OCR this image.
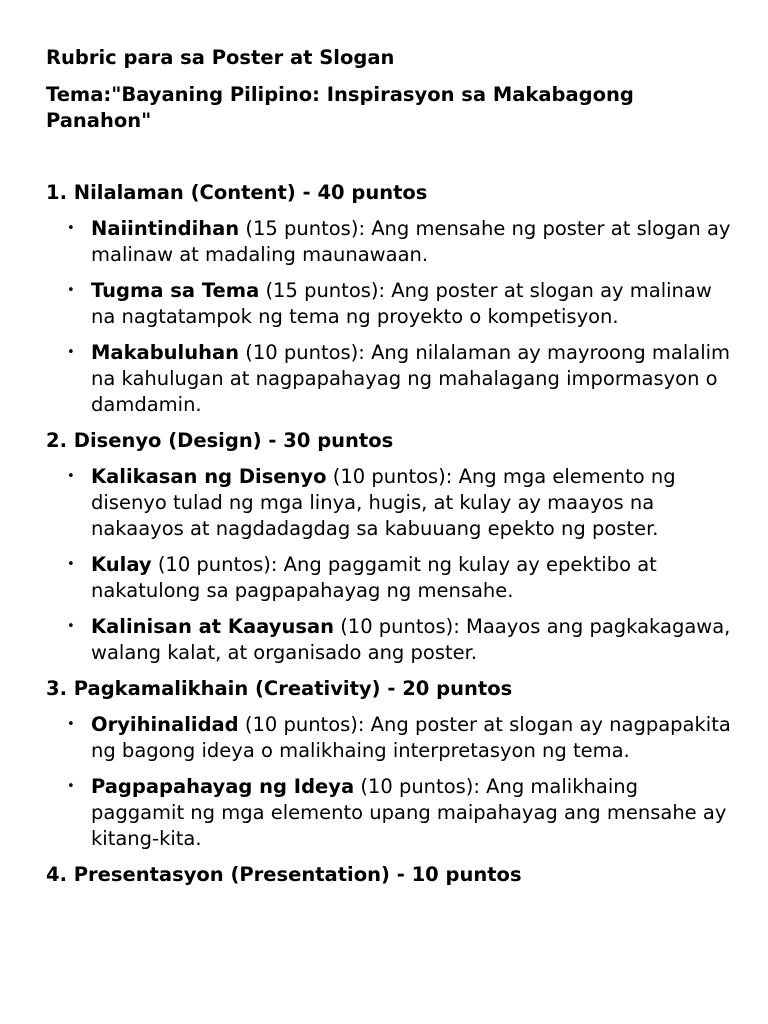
Rubric para sa Poster at Slogan
Tema:"Bayaning Pilipino: Inspirasyon sa Makabagong Panahon"
1. Nilalaman (Content) - 40 puntos
• Naiintindihan (15 puntos): Ang mensahe ng poster at slogan ay malinaw at madaling maunawaan.
• Tugma sa Tema (15 puntos): Ang poster at slogan ay malinaw na nagtatampok ng tema ng proyekto o kompetisyon.
• Makabuluhan (10 puntos): Ang nilalaman ay mayroong malalim na kahulugan at nagpapahayag ng mahalagang impormasyon o damdamin.
2. Disenyo (Design) - 30 puntos
• Kalikasan ng Disenyo (10 puntos): Ang mga elemento ng disenyo tulad ng mga linya, hugis, at kulay ay maayos na nakaayos at nagdadagdag sa kabuuang epekto ng poster.
• Kulay (10 puntos): Ang paggamit ng kulay ay epektibo at nakatulong sa pagpapahayag ng mensahe.
• Kalinisan at Kaayusan (10 puntos): Maayos ang pagkakagawa, walang kalat, at organisado ang poster.
3. Pagkamalikhain (Creativity) - 20 puntos
• Oryihinalidad (10 puntos): Ang poster at slogan ay nagpapakita ng bagong ideya o malikhaing interpretasyon ng tema.
• Pagpapahayag ng Ideya (10 puntos): Ang malikhaing paggamit ng mga elemento upang maipahayag ang mensahe ay kitang-kita.
4. Presentasyon (Presentation) - 10 puntos
